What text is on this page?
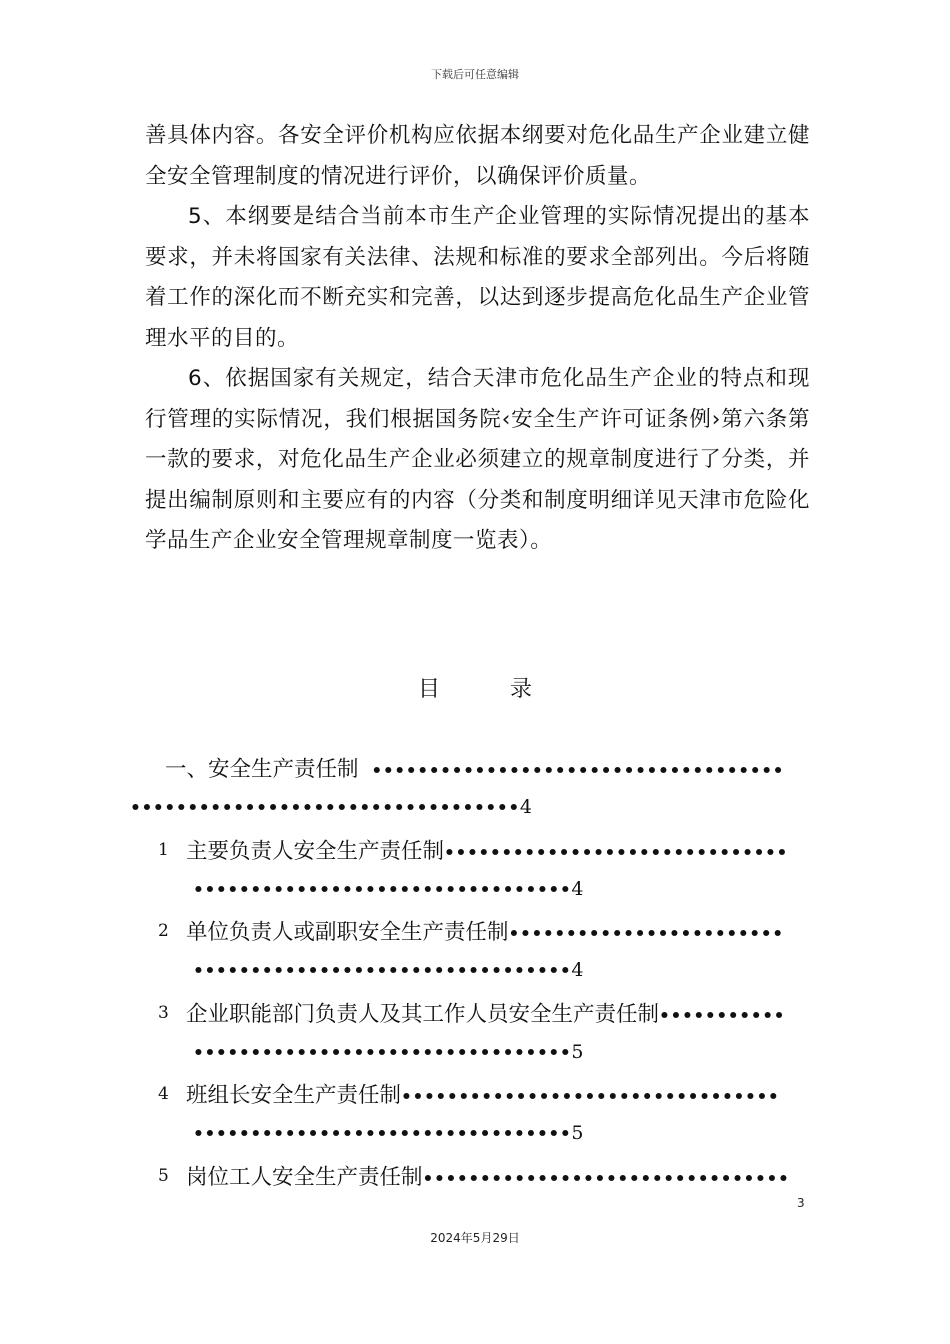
下载后可任意编辑

善具体内容。各安全评价机构应依据本纲要对危化品生产企业建立健全安全管理制度的情况进行评价，以确保评价质量。

5、本纲要是结合当前本市生产企业管理的实际情况提出的基本要求，并未将国家有关法律、法规和标准的要求全部列出。今后将随着工作的深化而不断充实和完善，以达到逐步提高危化品生产企业管理水平的目的。

6、依据国家有关规定，结合天津市危化品生产企业的特点和现行管理的实际情况，我们根据国务院‹安全生产许可证条例›第六条第一款的要求，对危化品生产企业必须建立的规章制度进行了分类，并提出编制原则和主要应有的内容（分类和制度明细详见天津市危险化学品生产企业安全管理规章制度一览表）。

目	录
一、安全生产责任制 ••••••••••••••••••••••••••••••••••••
••••••••••••••••••••••••••••••••••4
1 主要负责人安全生产责任制••••••••••••••••••••••••••••••
•••••••••••••••••••••••••••••••••4
2 单位负责人或副职安全生产责任制••••••••••••••••••••••••
•••••••••••••••••••••••••••••••••4
3 企业职能部门负责人及其工作人员安全生产责任制•••••••••••
•••••••••••••••••••••••••••••••••5
4 班组长安全生产责任制•••••••••••••••••••••••••••••••••
•••••••••••••••••••••••••••••••••5
5 岗位工人安全生产责任制••••••••••••••••••••••••••••••••
3
2024年5月29日
